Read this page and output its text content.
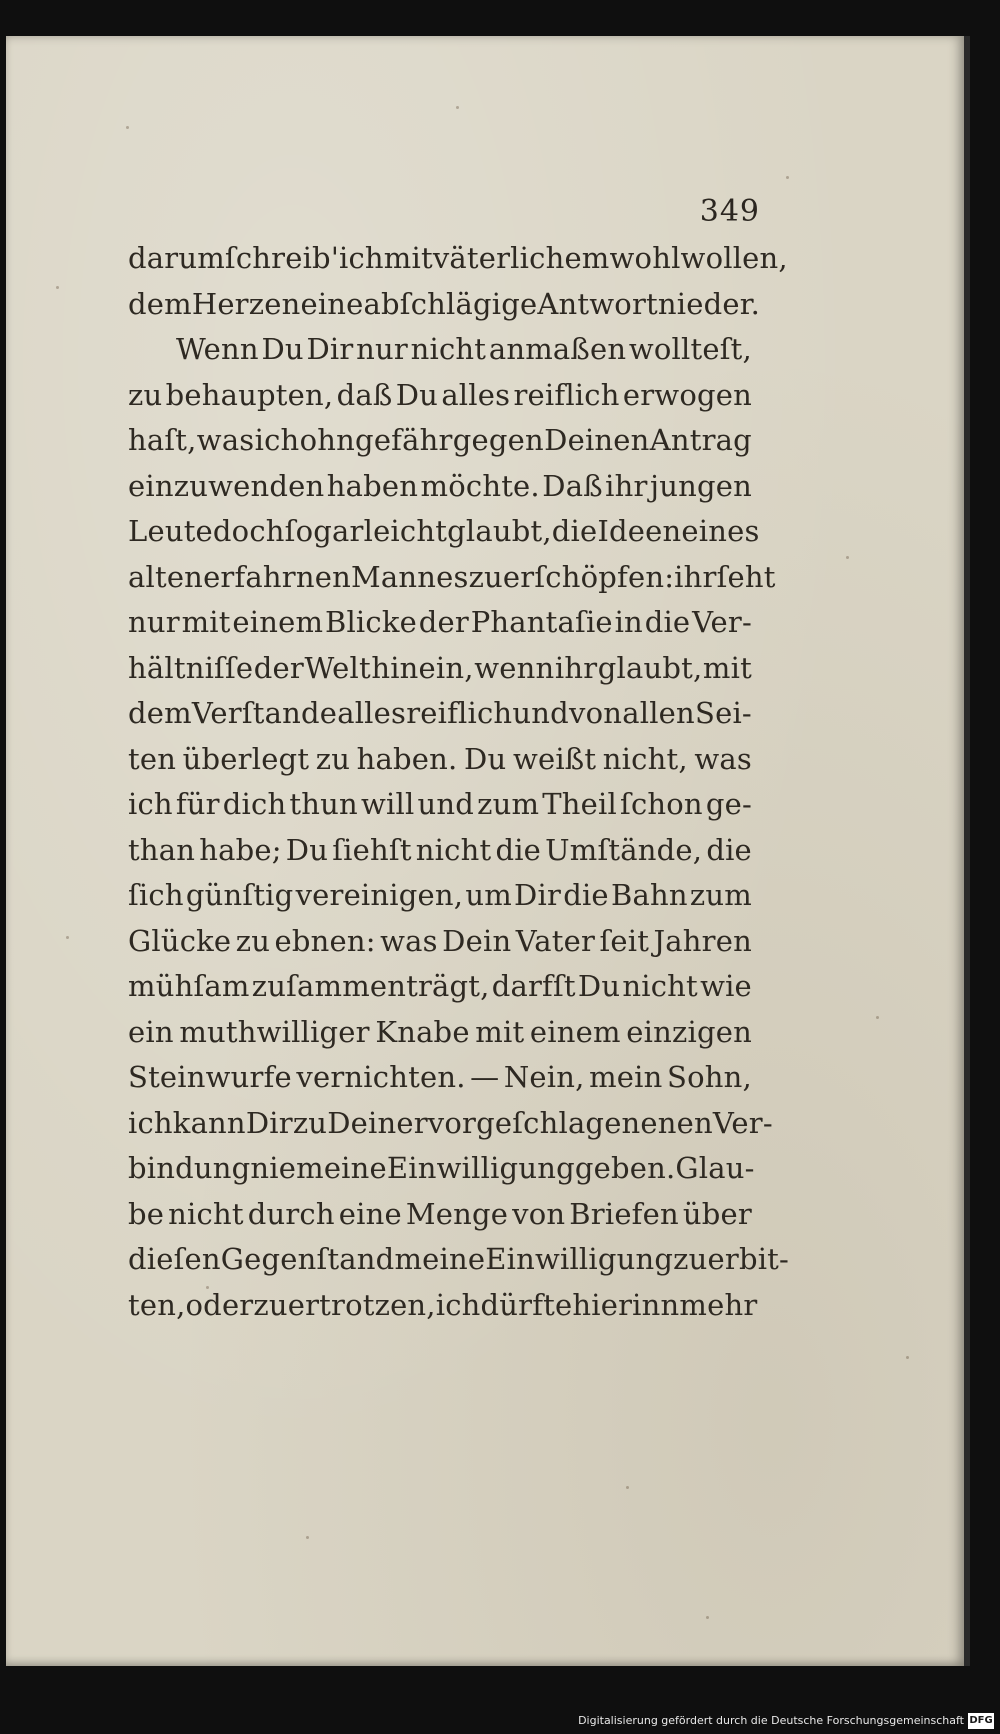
349
darum ſchreib' ich mit väterlichem wohlwollen,
dem Herzen eine abſchlägige Antwort nieder.
Wenn Du Dir nur nicht anmaßen wollteſt,
zu behaupten, daß Du alles reiflich erwogen
haſt, was ich ohngefähr gegen Deinen Antrag
einzuwenden haben möchte. Daß ihr jungen
Leute doch ſo gar leicht glaubt, die Ideen eines
alten erfahrnen Mannes zu erſchöpfen: ihr ſeht
nur mit einem Blicke der Phantaſie in die Ver-
hältniſſe der Welt hinein, wenn ihr glaubt, mit
dem Verſtande alles reiflich und von allen Sei-
ten überlegt zu haben. Du weißt nicht, was
ich für dich thun will und zum Theil ſchon ge-
than habe; Du ſiehſt nicht die Umſtände, die
ſich günſtig vereinigen, um Dir die Bahn zum
Glücke zu ebnen: was Dein Vater ſeit Jahren
mühſam zuſammenträgt, darfſt Du nicht wie
ein muthwilliger Knabe mit einem einzigen
Steinwurfe vernichten. — Nein, mein Sohn,
ich kann Dir zu Deiner vorgeſchlagenenen Ver-
bindung nie meine Einwilligung geben. Glau-
be nicht durch eine Menge von Briefen über
dieſen Gegenſtand meine Einwilligung zu erbit-
ten, oder zu ertrotzen, ich dürfte hierinn mehr
Digitalisierung gefördert durch die Deutsche Forschungsgemeinschaft DFG
